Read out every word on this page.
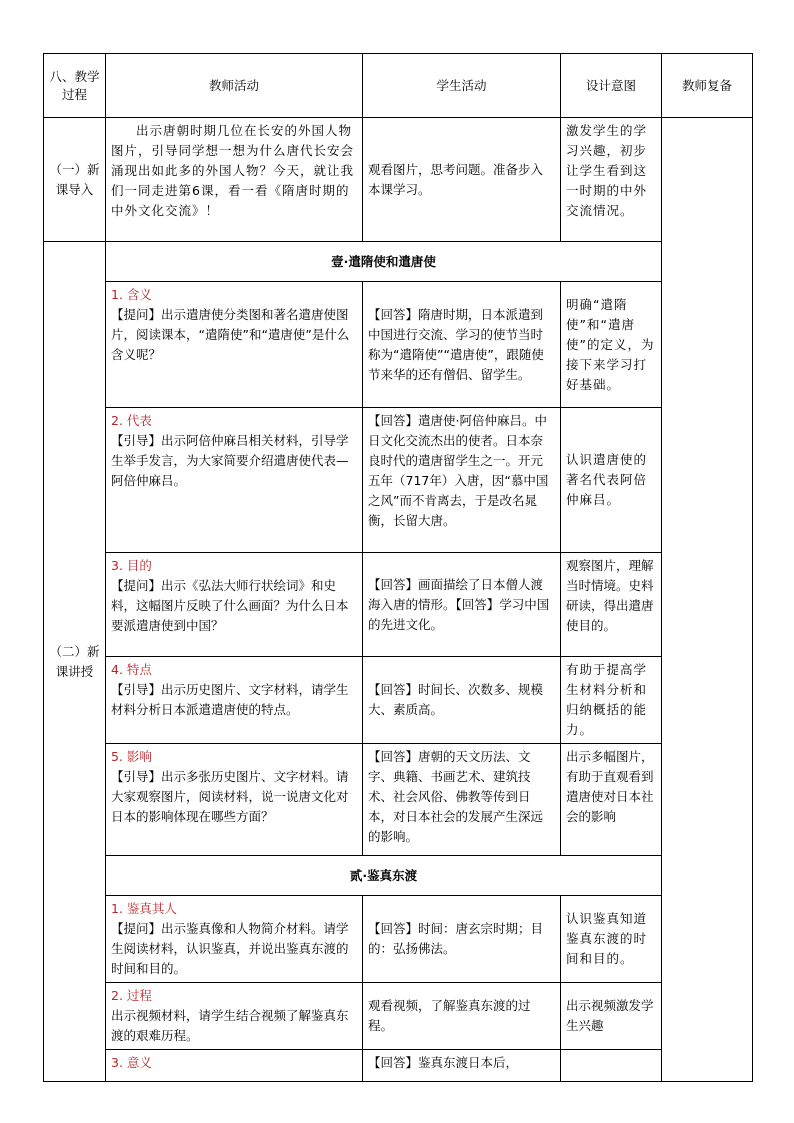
八、教学过程	教师活动	学生活动	设计意图	教师复备
（一）新课导入	出示唐朝时期几位在长安的外国人物图片，引导同学想一想为什么唐代长安会涌现出如此多的外国人物？今天，就让我们一同走进第6课，看一看《隋唐时期的中外文化交流》！	观看图片，思考问题。准备步入本课学习。	激发学生的学习兴趣，初步让学生看到这一时期的中外交流情况。	
（二）新课讲授	壹·遣隋使和遣唐使			

	1. 含义
【提问】出示遣唐使分类图和著名遣唐使图片，阅读课本，“遣隋使”和“遣唐使”是什么含义呢？	【回答】隋唐时期，日本派遣到中国进行交流、学习的使节当时称为“遣隋使”“遣唐使”，跟随使节来华的还有僧侣、留学生。	明确“遣隋使”和“遣唐使”的定义，为接下来学习打好基础。	

	2. 代表
【引导】出示阿倍仲麻吕相关材料，引导学生举手发言，为大家简要介绍遣唐使代表—阿倍仲麻吕。	【回答】遣唐使·阿倍仲麻吕。中日文化交流杰出的使者。日本奈良时代的遣唐留学生之一。开元五年（717年）入唐，因“慕中国之风”而不肯离去，于是改名晁衡，长留大唐。	认识遣唐使的著名代表阿倍仲麻吕。	

	3. 目的
【提问】出示《弘法大师行状绘词》和史料，这幅图片反映了什么画面？为什么日本要派遣唐使到中国？	【回答】画面描绘了日本僧人渡海入唐的情形。【回答】学习中国的先进文化。	观察图片，理解当时情境。史料研读，得出遣唐使目的。	

	4. 特点
【引导】出示历史图片、文字材料，请学生材料分析日本派遣遣唐使的特点。	【回答】时间长、次数多、规模大、素质高。	有助于提高学生材料分析和归纳概括的能力。	

	5. 影响
【引导】出示多张历史图片、文字材料。请大家观察图片，阅读材料，说一说唐文化对日本的影响体现在哪些方面？	【回答】唐朝的天文历法、文字、典籍、书画艺术、建筑技术、社会风俗、佛教等传到日本，对日本社会的发展产生深远的影响。	出示多幅图片，有助于直观看到遣唐使对日本社会的影响	
	贰·鉴真东渡			

	1. 鉴真其人
【提问】出示鉴真像和人物简介材料。请学生阅读材料，认识鉴真，并说出鉴真东渡的时间和目的。	【回答】时间：唐玄宗时期；目的：弘扬佛法。	认识鉴真知道鉴真东渡的时间和目的。	

	2. 过程
出示视频材料，请学生结合视频了解鉴真东渡的艰难历程。	观看视频，了解鉴真东渡的过程。	出示视频激发学生兴趣	

	3. 意义	【回答】鉴真东渡日本后，		
